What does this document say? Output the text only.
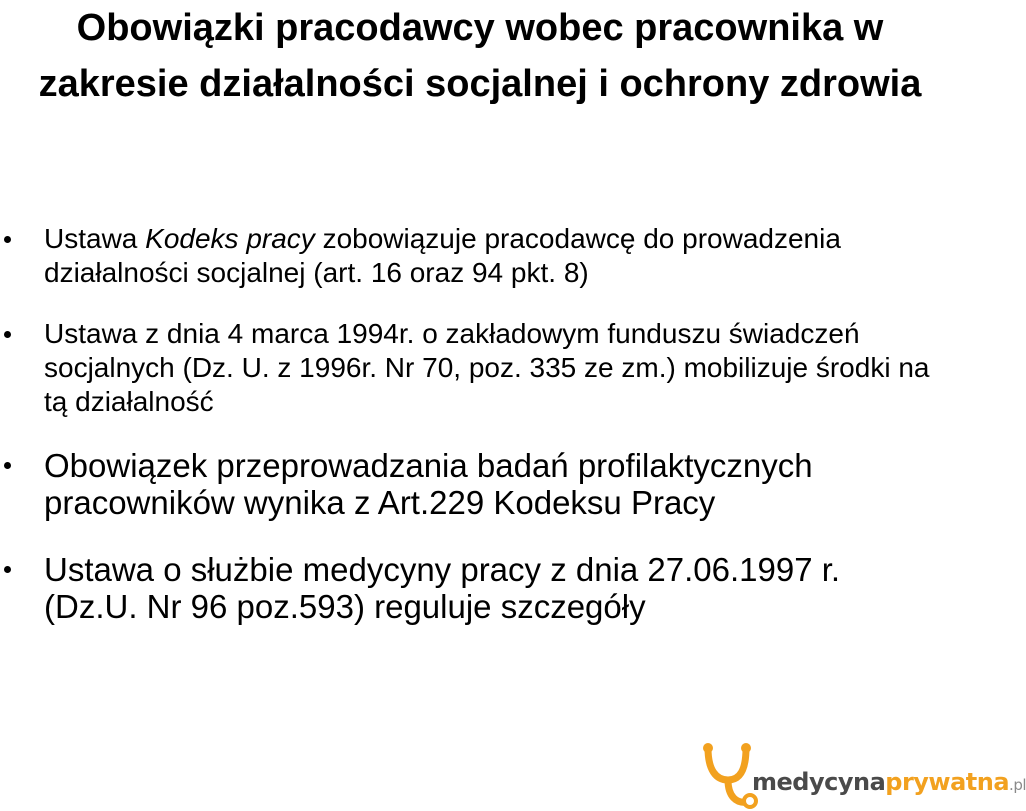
Obowiązki pracodawcy wobec pracownika w zakresie działalności socjalnej i ochrony zdrowia
Ustawa Kodeks pracy zobowiązuje pracodawcę do prowadzenia działalności socjalnej (art. 16 oraz 94 pkt. 8)
Ustawa z dnia 4 marca 1994r. o zakładowym funduszu świadczeń socjalnych (Dz. U. z 1996r. Nr 70, poz. 335 ze zm.) mobilizuje środki na tą działalność
Obowiązek przeprowadzania badań profilaktycznych pracowników wynika z Art.229 Kodeksu Pracy
Ustawa o służbie medycyny pracy z dnia 27.06.1997 r. (Dz.U. Nr 96 poz.593) reguluje szczegóły
medycynaprywatna.pl
